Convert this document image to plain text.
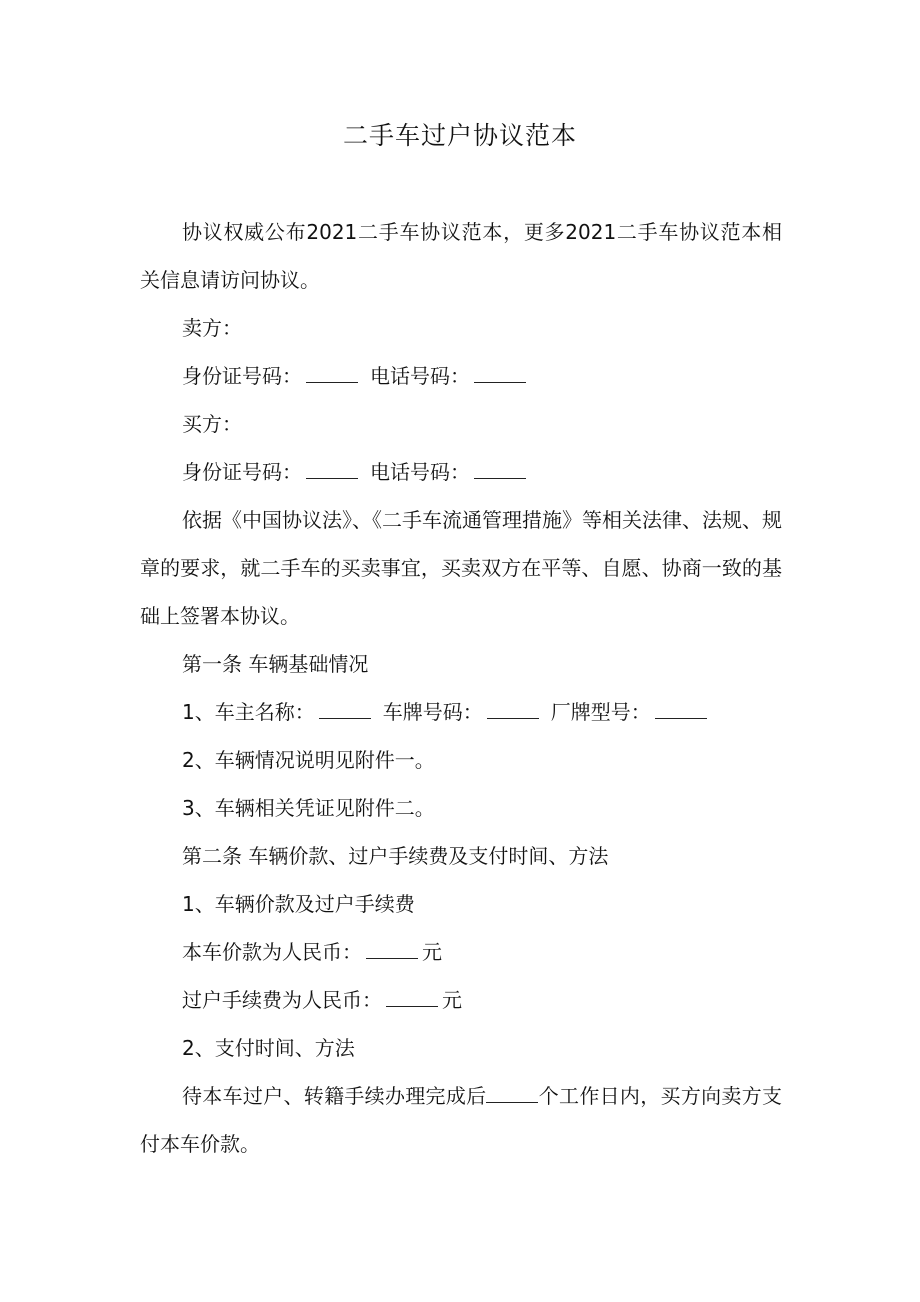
二手车过户协议范本

协议权威公布2021二手车协议范本，更多2021二手车协议范本相关信息请访问协议。

卖方：

身份证号码：	电话号码：

买方：

身份证号码：	电话号码：

依据《中国协议法》、《二手车流通管理措施》等相关法律、法规、规章的要求，就二手车的买卖事宜，买卖双方在平等、自愿、协商一致的基础上签署本协议。

第一条 车辆基础情况

1、车主名称：	车牌号码：	厂牌型号：

2、车辆情况说明见附件一。

3、车辆相关凭证见附件二。

第二条 车辆价款、过户手续费及支付时间、方法

1、车辆价款及过户手续费

本车价款为人民币：	元

过户手续费为人民币：	元

2、支付时间、方法

待本车过户、转籍手续办理完成后	个工作日内，买方向卖方支付本车价款。
